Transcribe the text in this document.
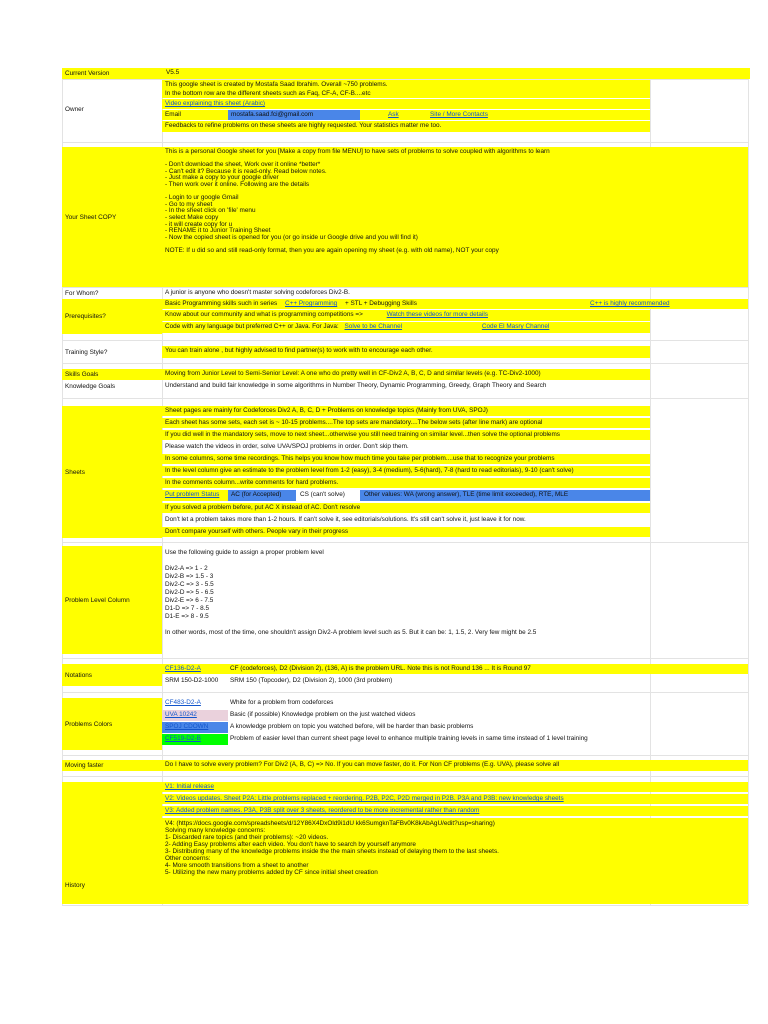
Current Version	V5.5
Owner
This google sheet is created by Mostafa Saad Ibrahim. Overall ~750 problems.
In the bottom row are the different sheets such as Faq, CF-A, CF-B....etc
Video explaining this sheet (Arabic)
Email	mostafa.saad.fci@gmail.com	Ask	Site / More Contacts
Feedbacks to refine problems on these sheets are highly requested. Your statistics matter me too.
Your Sheet COPY
This is a personal Google sheet for you [Make a copy from file MENU] to have sets of problems to solve coupled with algorithms to learn

- Don't download the sheet, Work over it online *better*
- Can't edit it? Because it is read-only. Read below notes.
- Just make a copy to your google driver
- Then work over it online. Following are the details

- Login to ur google Gmail
- Go to my sheet
- In the sheet click on 'file' menu
- select Make copy
- it will create copy for u
- RENAME it to Junior Training Sheet
- Now the copied sheet is opened for you (or go inside ur Google drive and you will find it)

NOTE: If u did so and still read-only format, then you are again opening my sheet (e.g. with old name), NOT your copy
For Whom?	A junior is anyone who doesn't master solving codeforces Div2-B.
Prerequisites?
Basic Programming skills such in series C++ Programming + STL + Debugging Skills	C++ is highly recommended
Know about our community and what is programming competitions =>	Watch these videos for more details
Code with any language but preferred C++ or Java. For Java: Solve to be Channel	Code El Masry Channel
Training Style?	You can train alone , but highly advised to find partner(s) to work with to encourage each other.
Skills Goals	Moving from Junior Level to Semi-Senior Level: A one who do pretty well in CF-Div2 A, B, C, D and similar levels (e.g. TC-Div2-1000)
Knowledge Goals	Understand and build fair knowledge in some algorithms in Number Theory, Dynamic Programming, Greedy, Graph Theory and Search
Sheets
Sheet pages are mainly for Codeforces Div2 A, B, C, D + Problems on knowledge topics (Mainly from UVA, SPOJ)
Each sheet has some sets, each set is ~ 10-15 problems....The top sets are mandatory....The below sets (after line mark) are optional
If you did well in the mandatory sets, move to next sheet...otherwise you still need training on similar level...then solve the optional problems
Please watch the videos in order, solve UVA/SPOJ problems in order. Don't skip them.
In some columns, some time recordings. This helps you know how much time you take per problem....use that to recognize your problems
In the level column give an estimate to the problem level from 1-2 (easy), 3-4 (medium), 5-6(hard), 7-8 (hard to read editorials), 9-10 (can't solve)
In the comments column...write comments for hard problems.
Put problem Status	AC (for Accepted)	CS (can't solve)	Other values: WA (wrong answer), TLE (time limit exceeded), RTE, MLE
If you solved a problem before, put AC X instead of AC. Don't resolve
Don't let a problem takes more than 1-2 hours. If can't solve it, see editorials/solutions. It's still can't solve it, just leave it for now.
Don't compare yourself with others. People vary in their progress
Problem Level Column
Use the following guide to assign a proper problem level

Div2-A => 1 - 2
Div2-B => 1.5 - 3
Div2-C => 3 - 5.5
Div2-D => 5 - 6.5
Div2-E => 6 - 7.5
D1-D => 7 - 8.5
D1-E => 8 - 9.5

In other words, most of the time, one shouldn't assign Div2-A problem level such as 5. But it can be: 1, 1.5, 2. Very few might be 2.5
Notations
CF136-D2-A	CF (codeforces), D2 (Division 2), (136, A) is the problem URL. Note this is not Round 136 ... It is Round 97
SRM 150-D2-1000	SRM 150 (Topcoder), D2 (Division 2), 1000 (3rd problem)
Problems Colors
CF483-D2-A	White for a problem from codeforces
UVA 10242	Basic (if possible) Knowledge problem on the just watched videos
SPOJ CDOWN	A knowledge problem on topic you watched before, will be harder than basic problems
CF519-D2-B	Problem of easier level than current sheet page level to enhance multiple training levels in same time instead of 1 level training
Moving faster	Do I have to solve every problem? For Div2 (A, B, C) => No. If you can move faster, do it. For Non CF problems (E.g. UVA), please solve all
History
V1: Initial release
V2: Videos updates. Sheet P2A: Little problems replaced + reordering. P2B, P2C, P2D merged in P2B. P3A and P3B: new knowledge sheets
V3: Added problem names. P3A, P3B split over 3 sheets, reordered to be more incremental rather than random
V4: (https://docs.google.com/spreadsheets/d/12Y86X4DxOld9i1dU kk6SumgknTaFBv0K8kAbAgU/edit?usp=sharing)
Solving many knowledge concerns:
1- Discarded rare topics (and their problems): ~20 videos.
2- Adding Easy problems after each video. You don't have to search by yourself anymore
3- Distributing many of the knowledge problems inside the the main sheets instead of delaying them to the last sheets.
Other concerns:
4- More smooth transitions from a sheet to another
5- Utilizing the new many problems added by CF since initial sheet creation
